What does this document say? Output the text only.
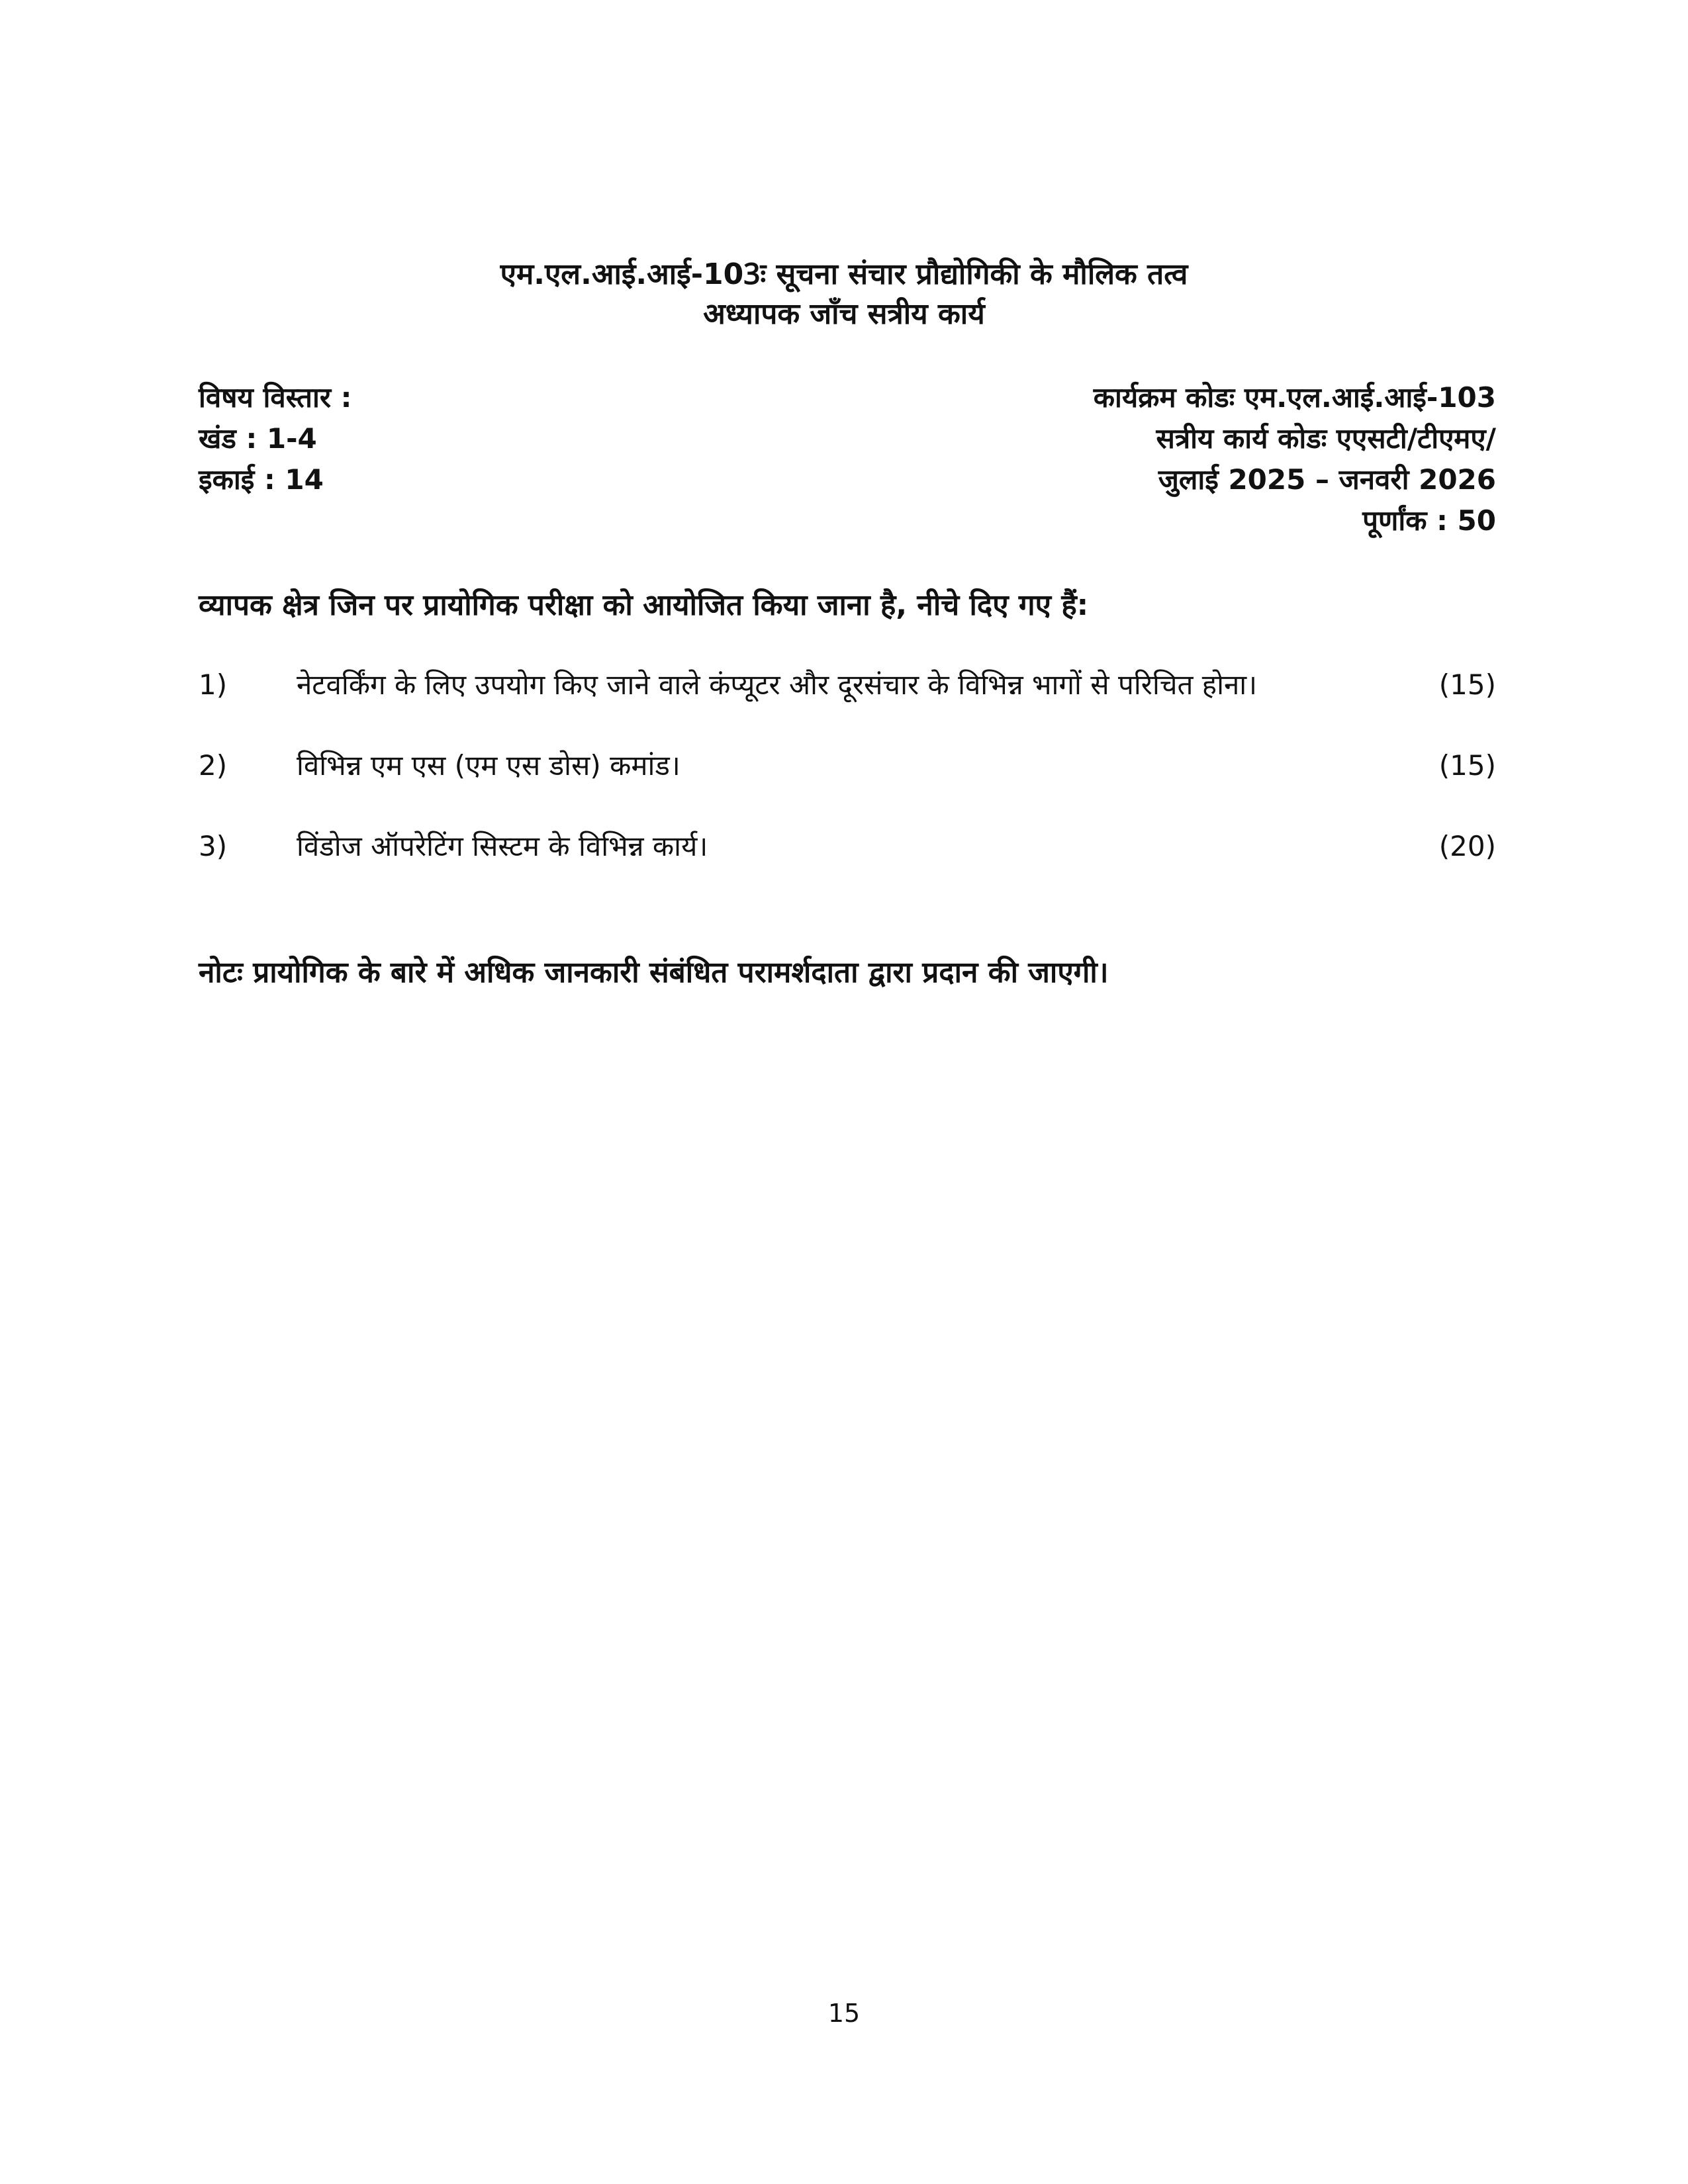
एम.एल.आई.आई-103ः सूचना संचार प्रौद्योगिकी के मौलिक तत्व
अध्यापक जाँच सत्रीय कार्य
विषय विस्तार :
खंड : 1-4
इकाई : 14
कार्यक्रम कोडः एम.एल.आई.आई-103
सत्रीय कार्य कोडः एएसटी/टीएमए/
जुलाई 2025 – जनवरी 2026
पूर्णांक : 50
व्यापक क्षेत्र जिन पर प्रायोगिक परीक्षा को आयोजित किया जाना है, नीचे दिए गए हैं:
1) नेटवर्किंग के लिए उपयोग किए जाने वाले कंप्यूटर और दूरसंचार के विभिन्न भागों से परिचित होना।	(15)
2) विभिन्न एम एस (एम एस डोस) कमांड।	(15)
3) विंडोज ऑपरेटिंग सिस्टम के विभिन्न कार्य।	(20)
नोटः प्रायोगिक के बारे में अधिक जानकारी संबंधित परामर्शदाता द्वारा प्रदान की जाएगी।
15
